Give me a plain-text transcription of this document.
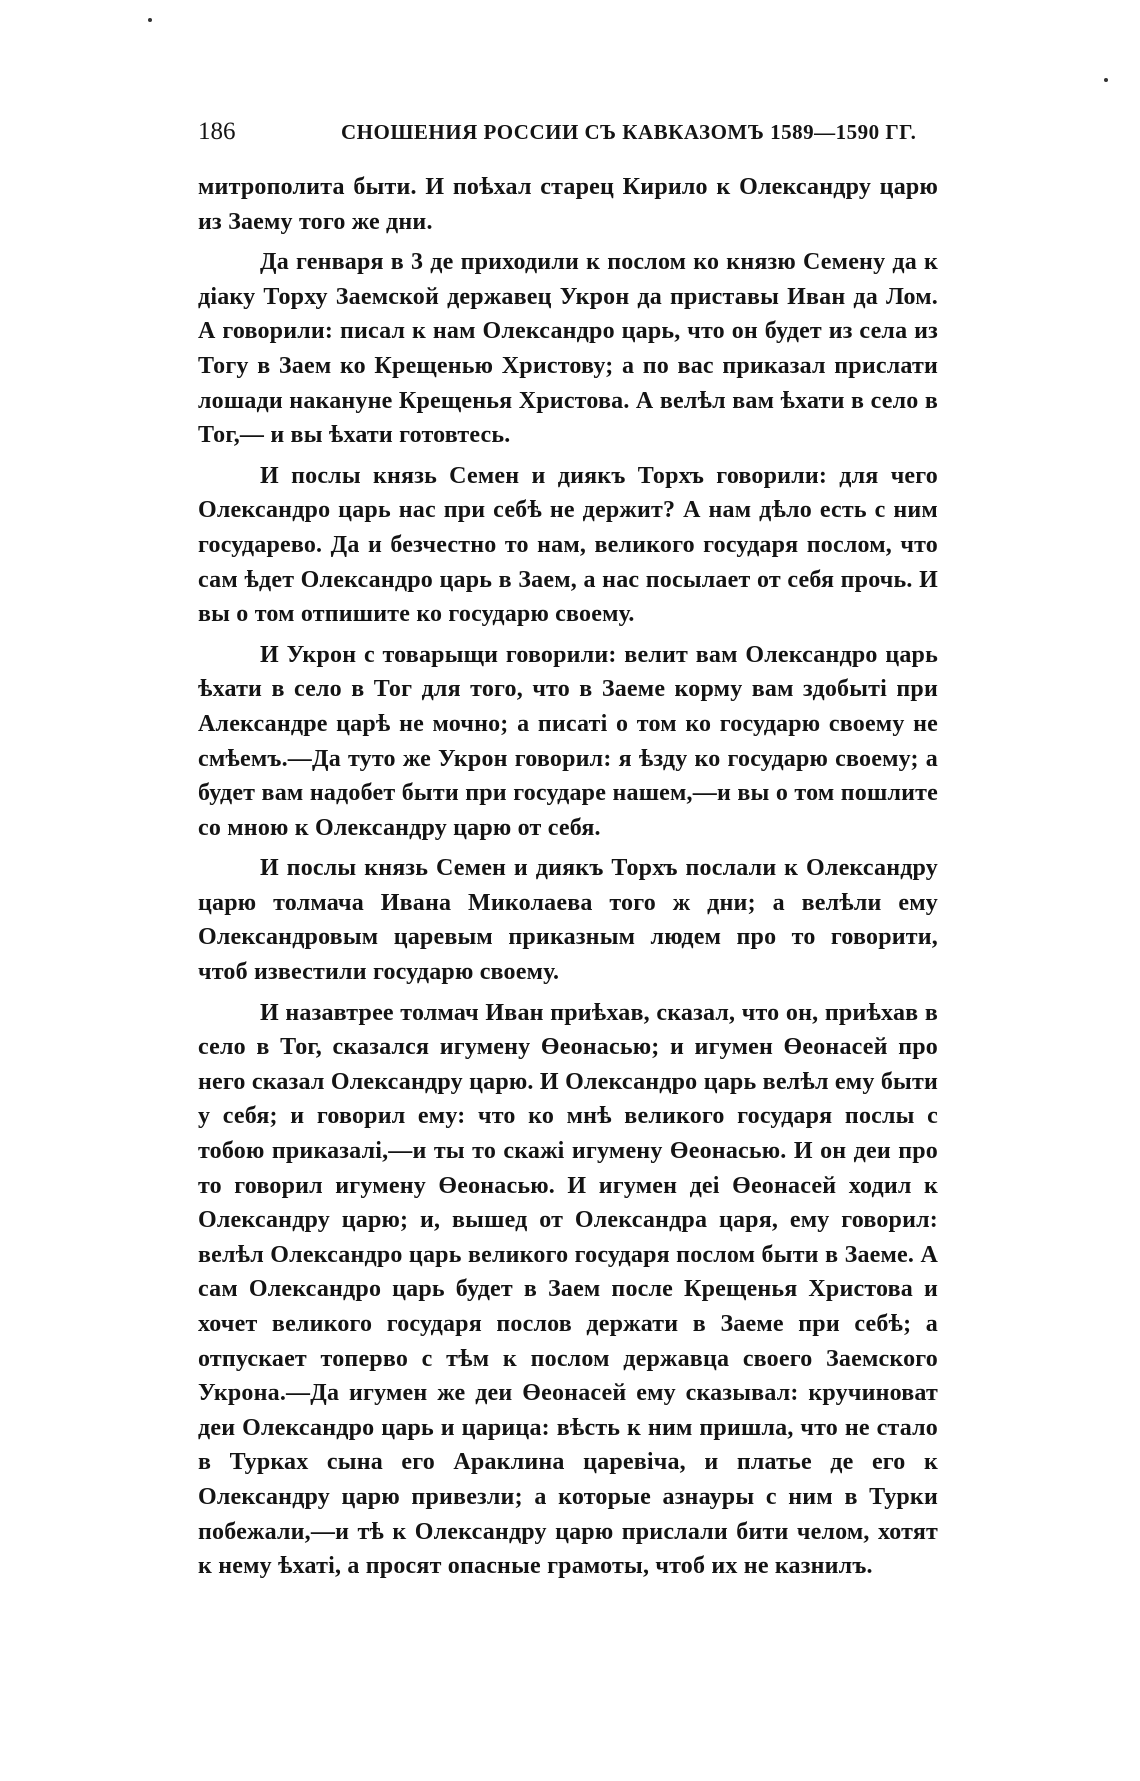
186	СНОШЕНИЯ РОССИИ СЪ КАВКАЗОМЪ 1589—1590 ГГ.

митрополита быти. И поѣхал старец Кирило к Олександру царю из Заему того же дни.

Да генваря в 3 де приходили к послом ко князю Семену да к діаку Торху Заемской державец Укрон да приставы Иван да Лом. А говорили: писал к нам Олександро царь, что он будет из села из Тогу в Заем ко Крещенью Христову; а по вас приказал прислати лошади накануне Крещенья Христова. А велѣл вам ѣхати в село в Тог,— и вы ѣхати готовтесь.

И послы князь Семен и диякъ Торхъ говорили: для чего Олександро царь нас при себѣ не держит? А нам дѣло есть с ним государево. Да и безчестно то нам, великого государя послом, что сам ѣдет Олександро царь в Заем, а нас посылает от себя прочь. И вы о том отпишите ко государю своему.

И Укрон с товарыщи говорили: велит вам Олександро царь ѣхати в село в Тог для того, что в Заеме корму вам здобыті при Александре царѣ не мочно; а писаті о том ко государю своему не смѣемъ.—Да туто же Укрон говорил: я ѣзду ко государю своему; а будет вам надобет быти при государе нашем,—и вы о том пошлите со мною к Олександру царю от себя.

И послы князь Семен и диякъ Торхъ послали к Олександру царю толмача Ивана Миколаева того ж дни; а велѣли ему Олександровым царевым приказным людем про то говорити, чтоб известили государю своему.

И назавтрее толмач Иван приѣхав, сказал, что он, приѣхав в село в Тог, сказался игумену Өеонасью; и игумен Өеонасей про него сказал Олександру царю. И Олександро царь велѣл ему быти у себя; и говорил ему: что ко мнѣ великого государя послы с тобою приказалі,—и ты то скажі игумену Өеонасью. И он деи про то говорил игумену Өеонасью. И игумен деі Өеонасей ходил к Олександру царю; и, вышед от Олександра царя, ему говорил: велѣл Олександро царь великого государя послом быти в Заеме. А сам Олександро царь будет в Заем после Крещенья Христова и хочет великого государя послов держати в Заеме при себѣ; а отпускает топерво с тѣм к послом державца своего Заемского Укрона.—Да игумен же деи Өеонасей ему сказывал: кручиноват деи Олександро царь и царица: вѣсть к ним пришла, что не стало в Турках сына его Араклина царевіча, и платье де его к Олександру царю привезли; а которые азнауры с ним в Турки побежали,—и тѣ к Олександру царю прислали бити челом, хотят к нему ѣхаті, а просят опасные грамоты, чтоб их не казнилъ.
